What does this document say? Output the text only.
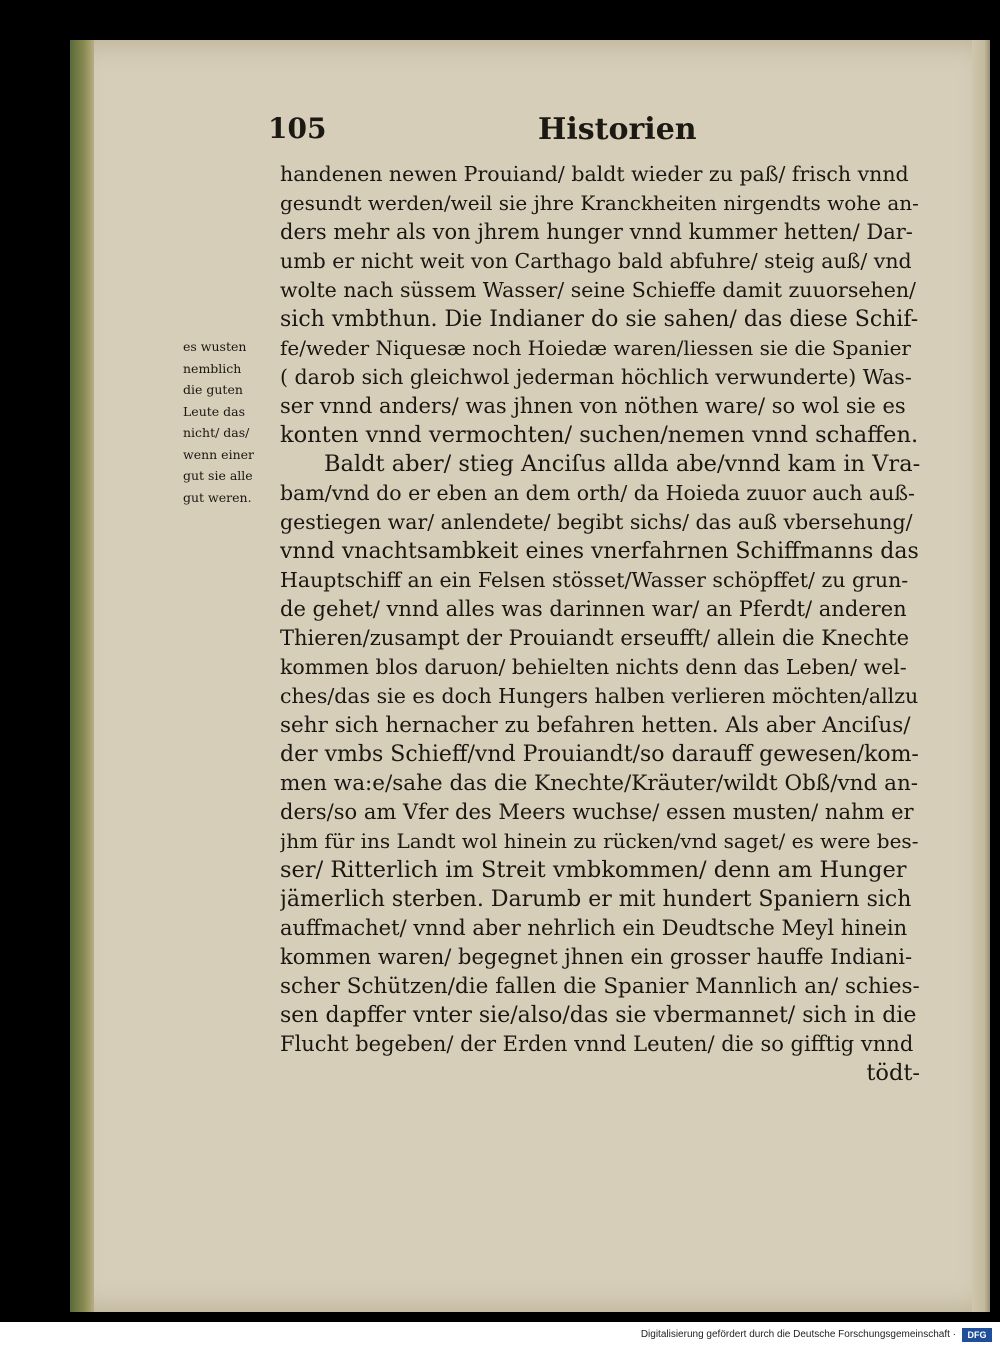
105	Historien
es wusten
nemblich
die guten
Leute das
nicht/ das/
wenn einer
gut sie alle
gut weren.
handenen newen Prouiand/ baldt wieder zu paß/ frisch vnnd
gesundt werden/weil sie jhre Kranckheiten nirgendts wohe an-
ders mehr als von jhrem hunger vnnd kummer hetten/ Dar-
umb er nicht weit von Carthago bald abfuhre/ steig auß/ vnd
wolte nach süssem Wasser/ seine Schieffe damit zuuorsehen/
sich vmbthun. Die Indianer do sie sahen/ das diese Schif-
fe/weder Niquesæ noch Hoiedæ waren/liessen sie die Spanier
( darob sich gleichwol jederman höchlich verwunderte) Was-
ser vnnd anders/ was jhnen von nöthen ware/ so wol sie es
konten vnnd vermochten/ suchen/nemen vnnd schaffen.
Baldt aber/ stieg Anciſus allda abe/vnnd kam in Vra-
bam/vnd do er eben an dem orth/ da Hoieda zuuor auch auß-
gestiegen war/ anlendete/ begibt sichs/ das auß vbersehung/
vnnd vnachtsambkeit eines vnerfahrnen Schiffmanns das
Hauptschiff an ein Felsen stösset/Wasser schöpffet/ zu grun-
de gehet/ vnnd alles was darinnen war/ an Pferdt/ anderen
Thieren/zusampt der Prouiandt erseufft/ allein die Knechte
kommen blos daruon/ behielten nichts denn das Leben/ wel-
ches/das sie es doch Hungers halben verlieren möchten/allzu
sehr sich hernacher zu befahren hetten. Als aber Anciſus/
der vmbs Schieff/vnd Prouiandt/so darauff gewesen/kom-
men wa:e/sahe das die Knechte/Kräuter/wildt Obß/vnd an-
ders/so am Vfer des Meers wuchse/ essen musten/ nahm er
jhm für ins Landt wol hinein zu rücken/vnd saget/ es were bes-
ser/ Ritterlich im Streit vmbkommen/ denn am Hunger
jämerlich sterben. Darumb er mit hundert Spaniern sich
auffmachet/ vnnd aber nehrlich ein Deudtsche Meyl hinein
kommen waren/ begegnet jhnen ein grosser hauffe Indiani-
scher Schützen/die fallen die Spanier Mannlich an/ schies-
sen dapffer vnter sie/also/das sie vbermannet/ sich in die
Flucht begeben/ der Erden vnnd Leuten/ die so gifftig vnnd
tödt-
Digitalisierung gefördert durch die Deutsche Forschungsgemeinschaft ·	DFG
